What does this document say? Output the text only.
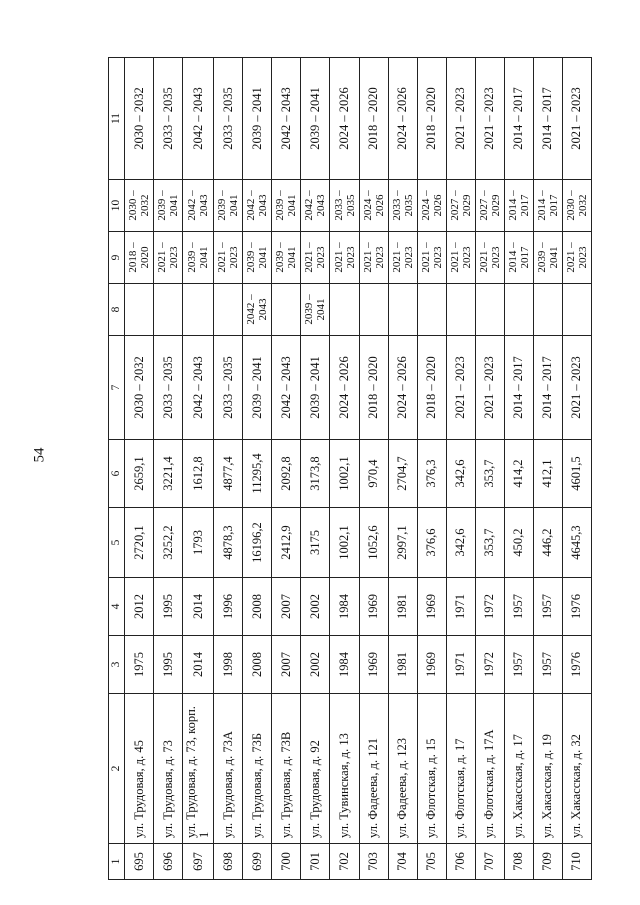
54
1	2	3	4	5	6	7	8	9	10	11
695	ул. Трудовая, д. 45	1975	2012	2720,1	2659,1	2030 – 2032		2018 – 2020	2030 – 2032	2030 – 2032
696	ул. Трудовая, д. 73	1995	1995	3252,2	3221,4	2033 – 2035		2021 – 2023	2039 – 2041	2033 – 2035
697	ул. Трудовая, д. 73, корп. 1	2014	2014	1793	1612,8	2042 – 2043		2039 – 2041	2042 – 2043	2042 – 2043
698	ул. Трудовая, д. 73А	1998	1996	4878,3	4877,4	2033 – 2035		2021 – 2023	2039 – 2041	2033 – 2035
699	ул. Трудовая, д. 73Б	2008	2008	16196,2	11295,4	2039 – 2041	2042 – 2043	2039 – 2041	2042 – 2043	2039 – 2041
700	ул. Трудовая, д. 73В	2007	2007	2412,9	2092,8	2042 – 2043		2039 – 2041	2039 – 2041	2042 – 2043
701	ул. Трудовая, д. 92	2002	2002	3175	3173,8	2039 – 2041	2039 – 2041	2021 – 2023	2042 – 2043	2039 – 2041
702	ул. Тувинская, д. 13	1984	1984	1002,1	1002,1	2024 – 2026		2021 – 2023	2033 – 2035	2024 – 2026
703	ул. Фадеева, д. 121	1969	1969	1052,6	970,4	2018 – 2020		2021 – 2023	2024 – 2026	2018 – 2020
704	ул. Фадеева, д. 123	1981	1981	2997,1	2704,7	2024 – 2026		2021 – 2023	2033 – 2035	2024 – 2026
705	ул. Флотская, д. 15	1969	1969	376,6	376,3	2018 – 2020		2021 – 2023	2024 – 2026	2018 – 2020
706	ул. Флотская, д. 17	1971	1971	342,6	342,6	2021 – 2023		2021 – 2023	2027 – 2029	2021 – 2023
707	ул. Флотская, д. 17А	1972	1972	353,7	353,7	2021 – 2023		2021 – 2023	2027 – 2029	2021 – 2023
708	ул. Хакасская, д. 17	1957	1957	450,2	414,2	2014 – 2017		2014 – 2017	2014 – 2017	2014 – 2017
709	ул. Хакасская, д. 19	1957	1957	446,2	412,1	2014 – 2017		2039 – 2041	2014 – 2017	2014 – 2017
710	ул. Хакасская, д. 32	1976	1976	4645,3	4601,5	2021 – 2023		2021 – 2023	2030 – 2032	2021 – 2023
